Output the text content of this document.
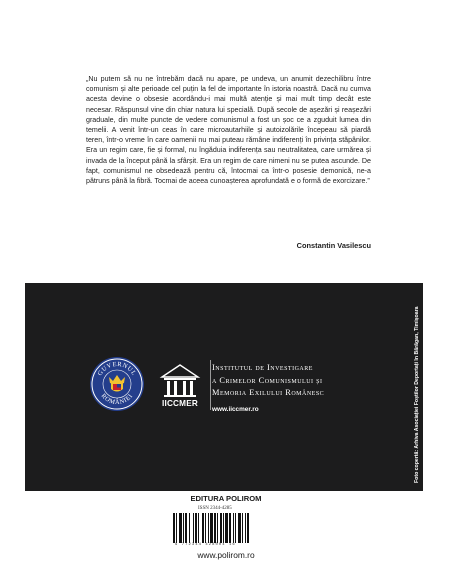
„Nu putem să nu ne întrebăm dacă nu apare, pe undeva, un anumit dezechilibru între comunism și alte perioade cel puțin la fel de importante în istoria noastră. Dacă nu cumva acesta devine o obsesie acordându-i mai multă atenție și mai mult timp decât este necesar. Răspunsul vine din chiar natura lui specială. După secole de așezări și reașezări graduale, din multe puncte de vedere comunismul a fost un șoc ce a zguduit lumea din temelii. A venit într-un ceas în care microautarhiile și autoizolările începeau să piardă teren, într-o vreme în care oamenii nu mai puteau rămâne indiferenți în privința stăpânilor. Era un regim care, fie și formal, nu îngăduia indiferența sau neutralitatea, care urmărea și invada de la început până la sfârșit. Era un regim de care nimeni nu se putea ascunde. De fapt, comunismul ne obsedează pentru că, întocmai ca într-o posesie demonică, ne-a pătruns până la fibră. Tocmai de aceea cunoașterea aprofundată e o formă de exorcizare.”
Constantin Vasilescu
GUVERNUL
ROMÂNIEI
IICCMER
Institutul de Investigare
a Crimelor Comunismului și
Memoria Exilului Românesc
www.iiccmer.ro	Foto copertă: Arhiva Asociației Foștilor Deportați în Bărăgan, Timișoara
EDITURA POLIROM
ISSN 2344-4285
9 772344 428004 16
www.polirom.ro
